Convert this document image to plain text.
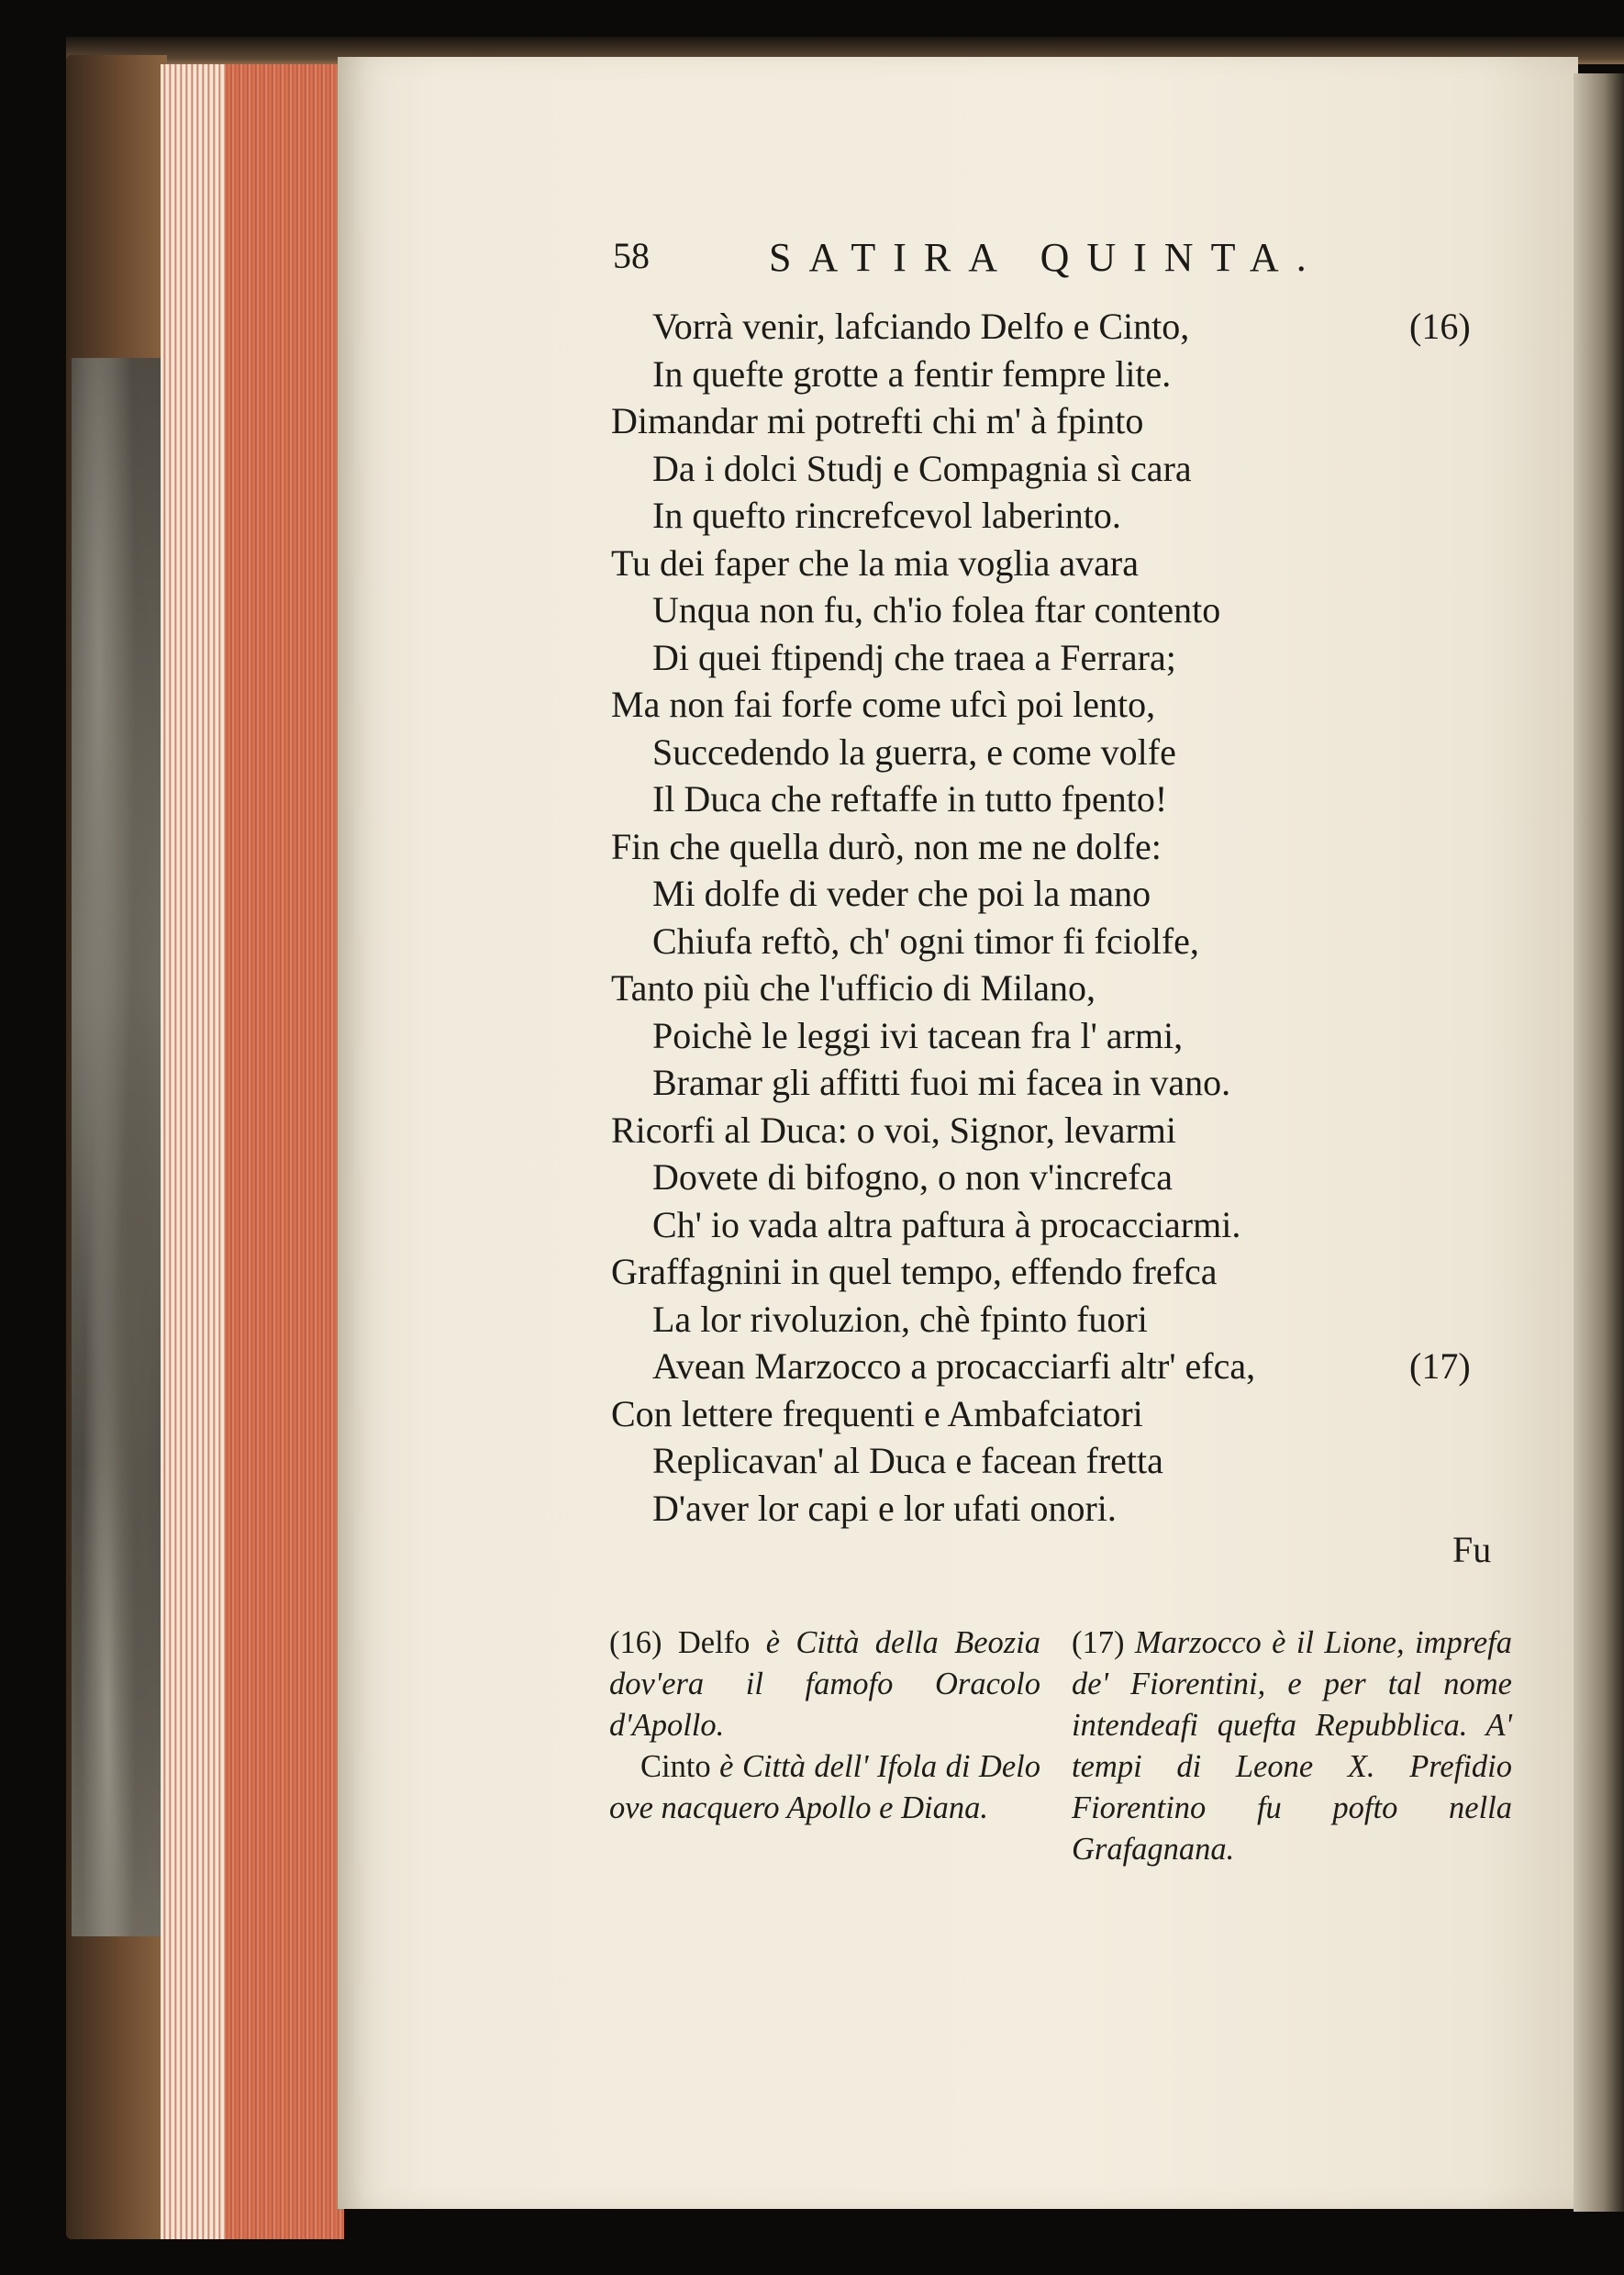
58	SATIRA QUINTA.
Vorrà venir, lafciando Delfo e Cinto,	(16)
In quefte grotte a fentir fempre lite.
Dimandar mi potrefti chi m' à fpinto
Da i dolci Studj e Compagnia sì cara
In quefto rincrefcevol laberinto.
Tu dei faper che la mia voglia avara
Unqua non fu, ch'io folea ftar contento
Di quei ftipendj che traea a Ferrara;
Ma non fai forfe come ufcì poi lento,
Succedendo la guerra, e come volfe
Il Duca che reftaffe in tutto fpento!
Fin che quella durò, non me ne dolfe:
Mi dolfe di veder che poi la mano
Chiufa reftò, ch' ogni timor fi fciolfe,
Tanto più che l'ufficio di Milano,
Poichè le leggi ivi tacean fra l' armi,
Bramar gli affitti fuoi mi facea in vano.
Ricorfi al Duca: o voi, Signor, levarmi
Dovete di bifogno, o non v'increfca
Ch' io vada altra paftura à procacciarmi.
Graffagnini in quel tempo, effendo frefca
La lor rivoluzion, chè fpinto fuori
Avean Marzocco a procacciarfi altr' efca,	(17)
Con lettere frequenti e Ambafciatori
Replicavan' al Duca e facean fretta
D'aver lor capi e lor ufati onori.
Fu

(16) Delfo è Città della Beozia dov'era il famofo Oracolo d'Apollo.

Cinto è Città dell' Ifola di Delo ove nacquero Apollo e Diana.

(17) Marzocco è il Lione, imprefa de' Fiorentini, e per tal nome intendeafi quefta Repubblica. A' tempi di Leone X. Prefidio Fiorentino fu pofto nella Grafagnana.
